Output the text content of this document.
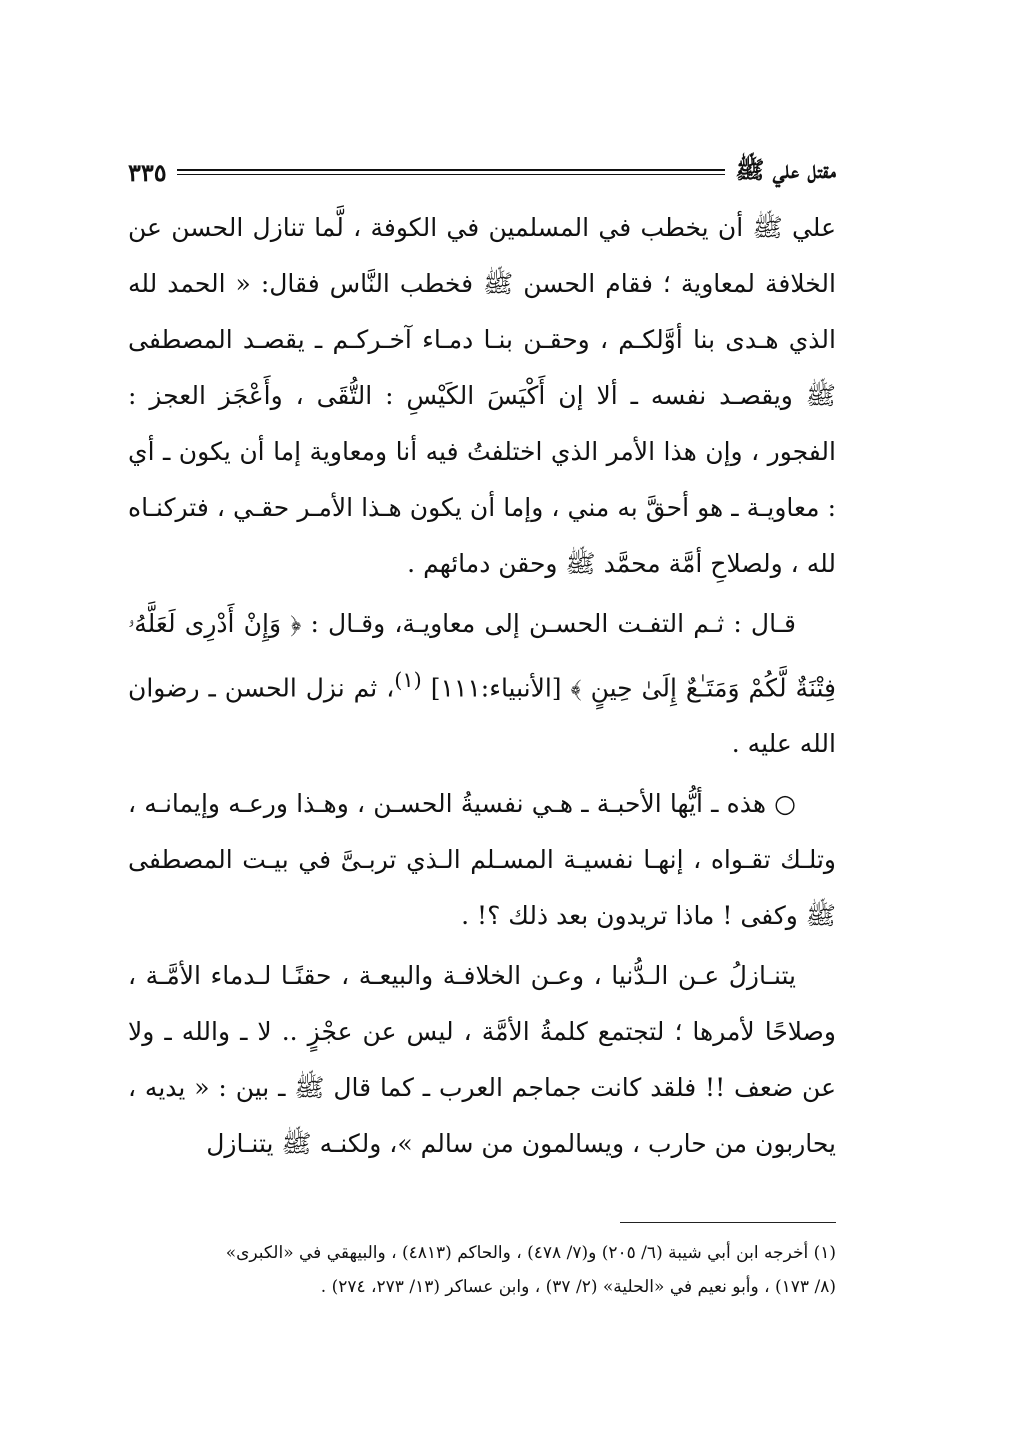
مقتل علي ﷺ
٣٣٥

علي ﷺ أن يخطب في المسلمين في الكوفة ، لَّما تنازل الحسن عن الخلافة لمعاوية ؛ فقام الحسن ﷺ فخطب النَّاس فقال: « الحمد لله الذي هـدى بنا أوَّلكـم ، وحقـن بنـا دمـاء آخـركـم ـ يقصـد المصطفى ﷺ ويقصـد نفسه ـ ألا إن أَكْيَسَ الكَيْسِ : التُّقَى ، وأَعْجَز العجز : الفجور ، وإن هذا الأمر الذي اختلفتُ فيه أنا ومعاوية إما أن يكون ـ أي : معاويـة ـ هو أحقَّ به مني ، وإما أن يكون هـذا الأمـر حقـي ، فتركنـاه لله ، ولصلاحِ أمَّة محمَّد ﷺ وحقن دمائهم .

قـال : ثـم التفـت الحسـن إلى معاويـة، وقـال : ﴿ وَإِنْ أَدْرِى لَعَلَّهُۥ فِتْنَةٌ لَّكُمْ وَمَتَـٰعٌ إِلَىٰ حِينٍ ﴾ [الأنبياء:١١١] $^{(١)}$، ثم نزل الحسن ـ رضوان الله عليه .

○ هذه ـ أيُّها الأحبـة ـ هـي نفسيةُ الحسـن ، وهـذا ورعـه وإيمانـه ، وتلـك تقـواه ، إنهـا نفسيـة المسـلم الـذي تربـىَّ في بيـت المصطفى ﷺ وكفى ! ماذا تريدون بعد ذلك ؟! .

يتنـازلُ عـن الـدُّنيا ، وعـن الخلافـة والبيعـة ، حقنًـا لـدماء الأمَّـة ، وصلاحًا لأمرها ؛ لتجتمع كلمةُ الأمَّة ، ليس عن عجْزٍ .. لا ـ والله ـ ولا عن ضعف !! فلقد كانت جماجم العرب ـ كما قال ﷺ ـ بين : « يديه ، يحاربون من حارب ، ويسالمون من سالم »، ولكنـه ﷺ يتنـازل

(١) أخرجه ابن أبي شيبة (٦/ ٢٠٥) و(٧/ ٤٧٨) ، والحاكم (٤٨١٣) ، والبيهقي في «الكبرى»

(٨/ ١٧٣) ، وأبو نعيم في «الحلية» (٢/ ٣٧) ، وابن عساكر (١٣/ ٢٧٣، ٢٧٤) .
